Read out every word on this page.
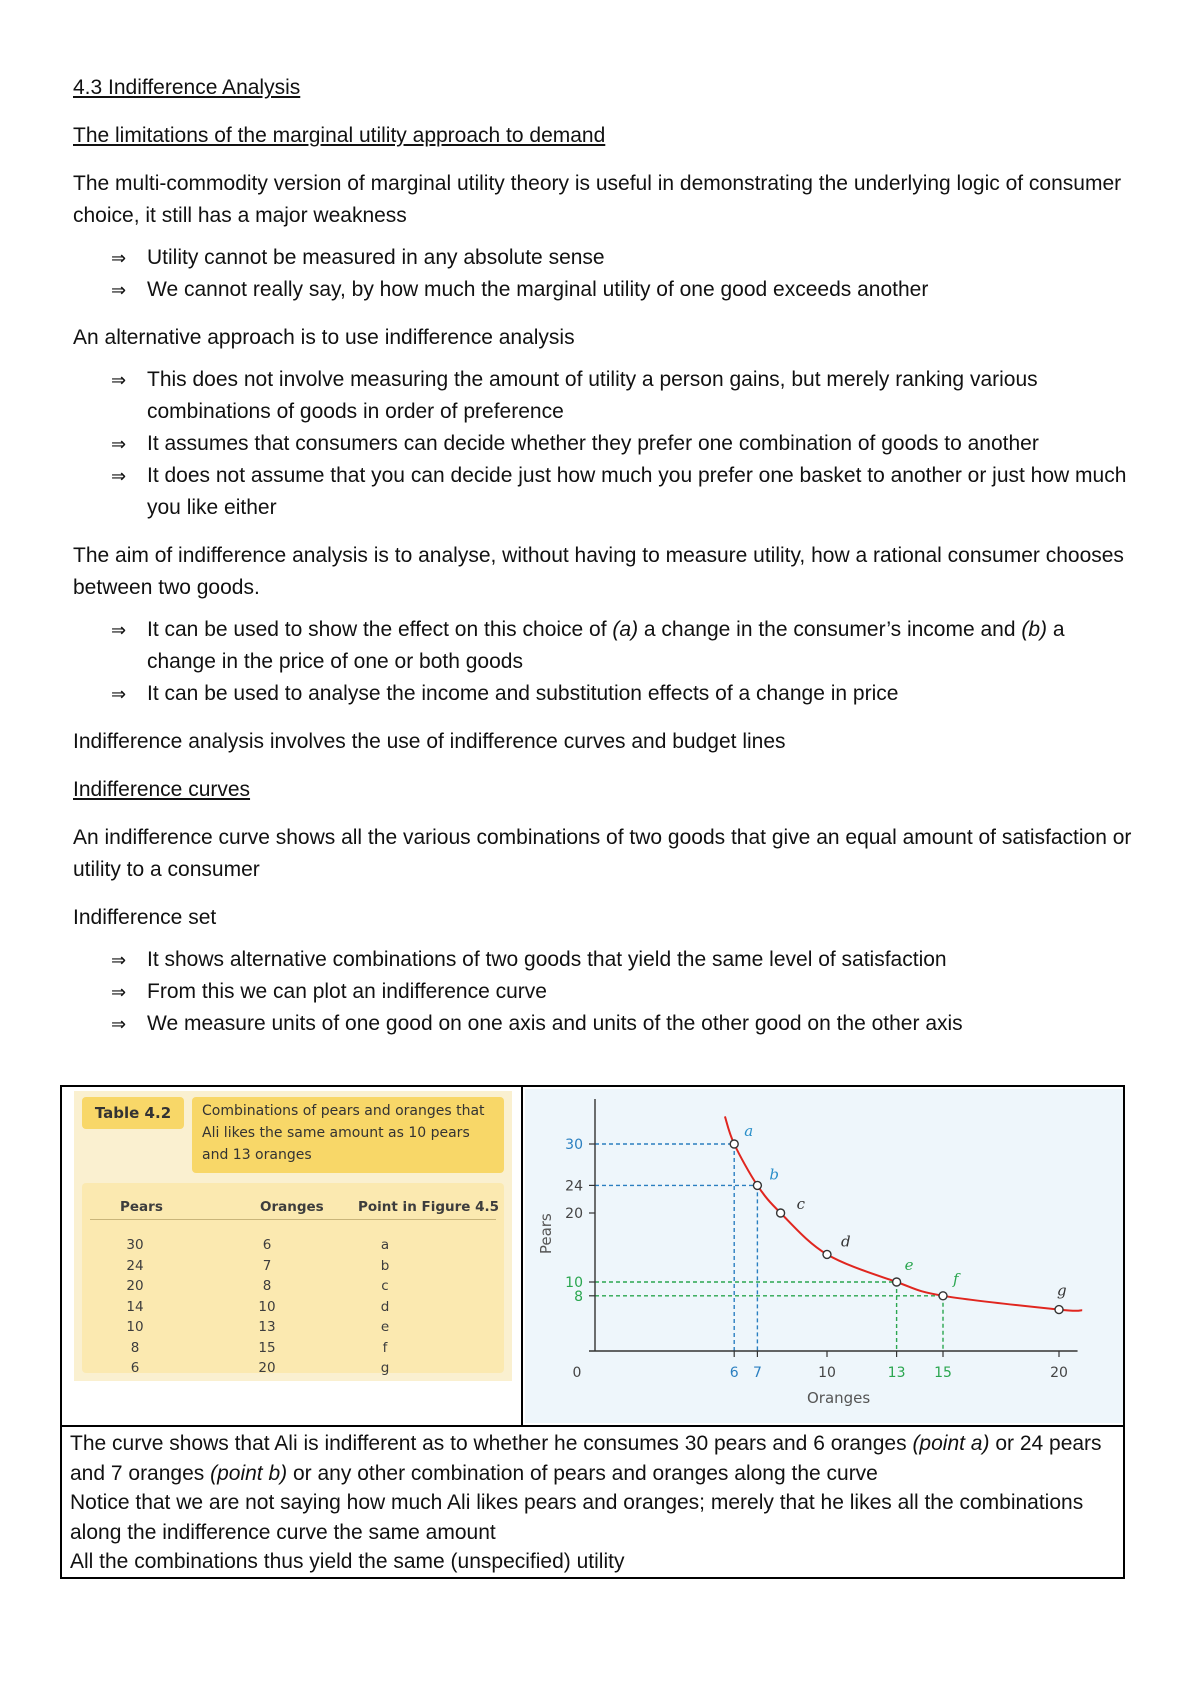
4.3 Indifference Analysis

The limitations of the marginal utility approach to demand

The multi-commodity version of marginal utility theory is useful in demonstrating the underlying logic of consumer choice, it still has a major weakness

⇒ Utility cannot be measured in any absolute sense
⇒ We cannot really say, by how much the marginal utility of one good exceeds another

An alternative approach is to use indifference analysis

⇒ This does not involve measuring the amount of utility a person gains, but merely ranking various combinations of goods in order of preference
⇒ It assumes that consumers can decide whether they prefer one combination of goods to another
⇒ It does not assume that you can decide just how much you prefer one basket to another or just how much you like either

The aim of indifference analysis is to analyse, without having to measure utility, how a rational consumer chooses between two goods.

⇒ It can be used to show the effect on this choice of (a) a change in the consumer’s income and (b) a change in the price of one or both goods
⇒ It can be used to analyse the income and substitution effects of a change in price

Indifference analysis involves the use of indifference curves and budget lines

Indifference curves

An indifference curve shows all the various combinations of two goods that give an equal amount of satisfaction or utility to a consumer

Indifference set

⇒ It shows alternative combinations of two goods that yield the same level of satisfaction
⇒ From this we can plot an indifference curve
⇒ We measure units of one good on one axis and units of the other good on the other axis
Table 4.2	Combinations of pears and oranges that Ali likes the same amount as 10 pears and 13 oranges
Pears	Oranges	Point in Figure 4.5
30	6	a
24	7	b
20	8	c
14	10	d
10	13	e
8	15	f
6	20	g
8
10
20
24
30
0	6 7	10	13 15	20
Oranges
Pears
a
b
c
d
e
f
g
The curve shows that Ali is indifferent as to whether he consumes 30 pears and 6 oranges (point a) or 24 pears and 7 oranges (point b) or any other combination of pears and oranges along the curve
Notice that we are not saying how much Ali likes pears and oranges; merely that he likes all the combinations along the indifference curve the same amount
All the combinations thus yield the same (unspecified) utility
